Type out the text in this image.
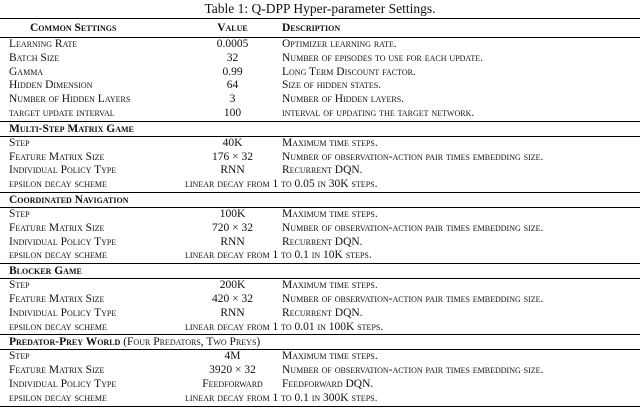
Table 1: Q-DPP Hyper-parameter Settings.
Common Settings	Value	Description
Learning Rate	0.0005	Optimizer learning rate.
Batch Size	32	Number of episodes to use for each update.
Gamma	0.99	Long Term Discount factor.
Hidden Dimension	64	Size of hidden states.
Number of Hidden Layers	3	Number of Hidden layers.
target update interval	100	interval of updating the target network.
Multi-Step Matrix Game		
Step	40K	Maximum time steps.
Feature Matrix Size	176 × 32	Number of observation-action pair times embedding size.
Individual Policy Type	RNN	Recurrent DQN.
epsilon decay scheme	linear decay from 1 to 0.05 in 30K steps.	
Coordinated Navigation		
Step	100K	Maximum time steps.
Feature Matrix Size	720 × 32	Number of observation-action pair times embedding size.
Individual Policy Type	RNN	Recurrent DQN.
epsilon decay scheme	linear decay from 1 to 0.1 in 10K steps.	
Blocker Game		
Step	200K	Maximum time steps.
Feature Matrix Size	420 × 32	Number of observation-action pair times embedding size.
Individual Policy Type	RNN	Recurrent DQN.
epsilon decay scheme	linear decay from 1 to 0.01 in 100K steps.	
Predator-Prey World (Four Predators, Two Preys)		
Step	4M	Maximum time steps.
Feature Matrix Size	3920 × 32	Number of observation-action pair times embedding size.
Individual Policy Type	Feedforward	Feedforward DQN.
epsilon decay scheme	linear decay from 1 to 0.1 in 300K steps.	
